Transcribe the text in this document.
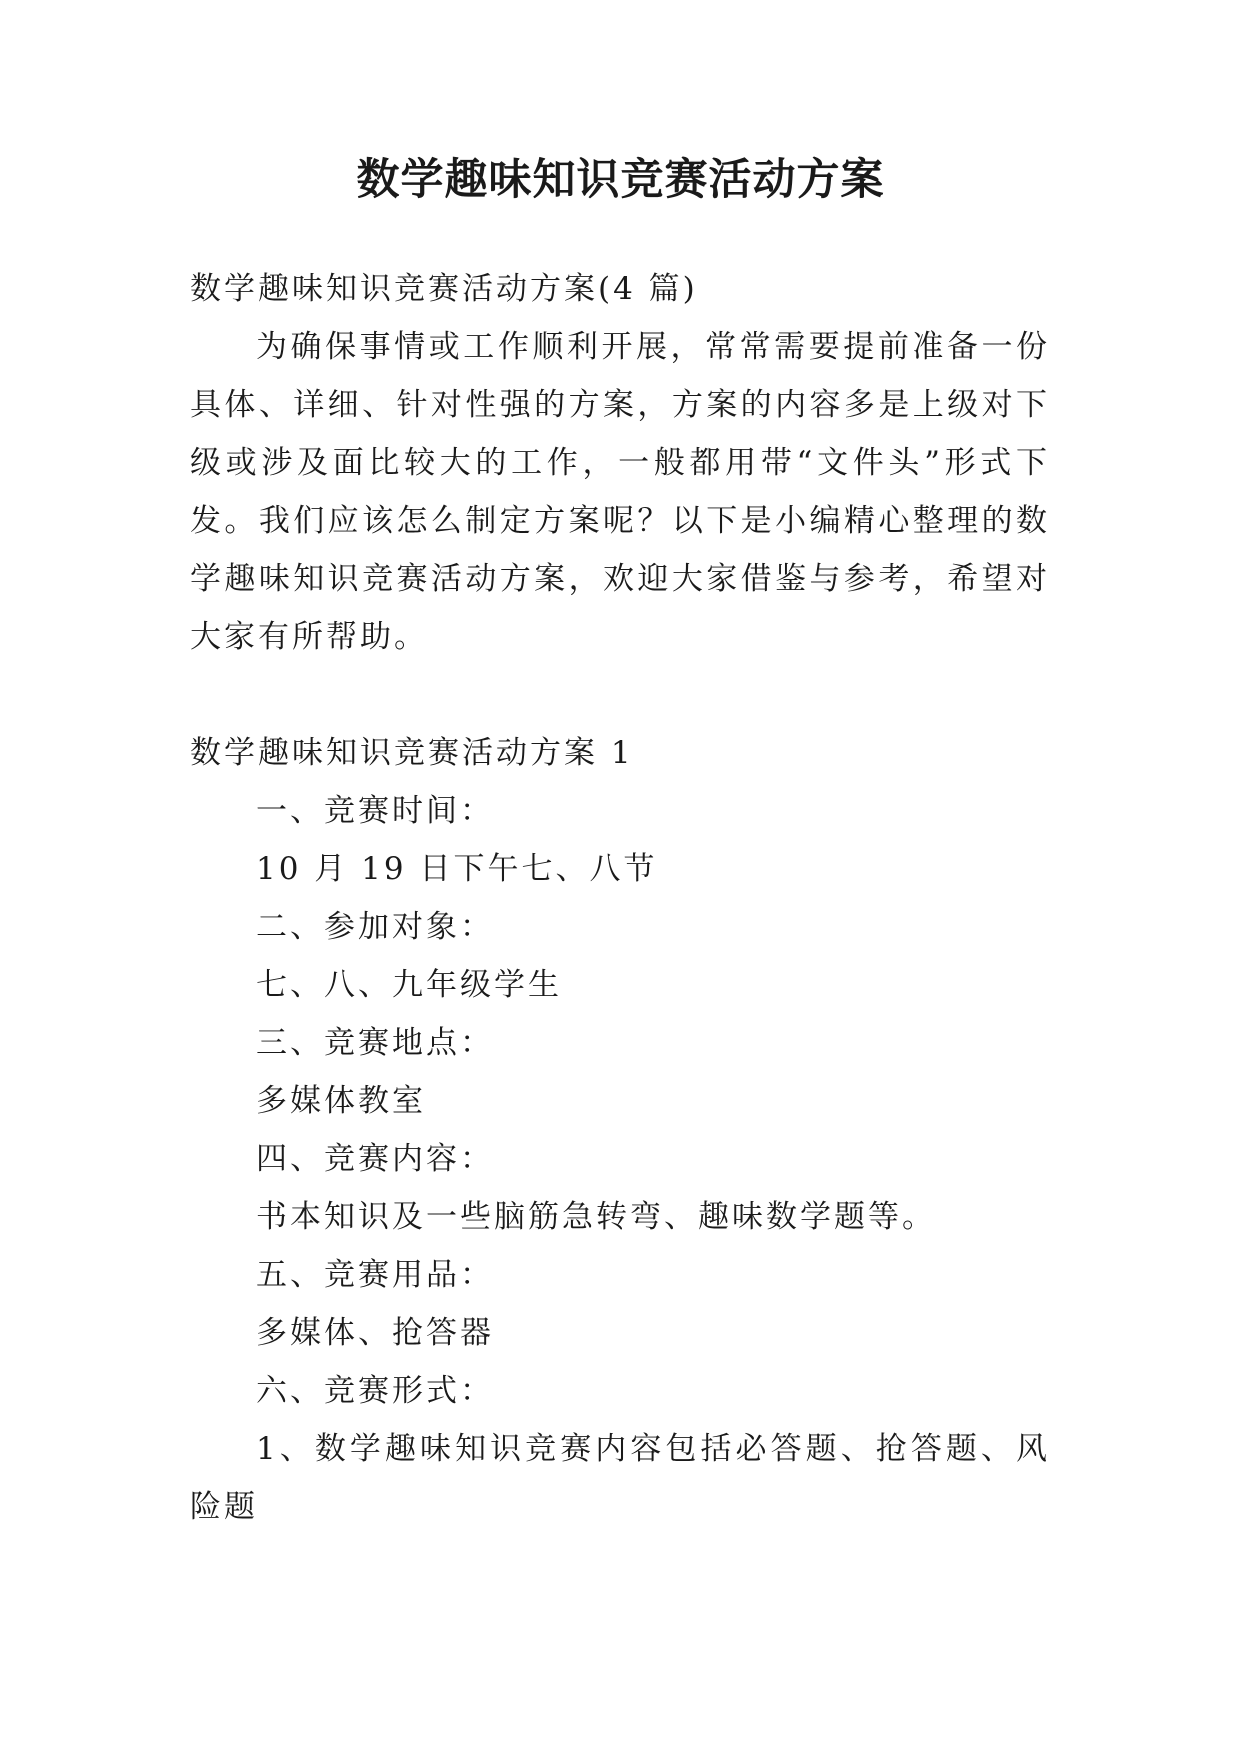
数学趣味知识竞赛活动方案

数学趣味知识竞赛活动方案(4 篇)

为确保事情或工作顺利开展，常常需要提前准备一份具体、详细、针对性强的方案，方案的内容多是上级对下级或涉及面比较大的工作，一般都用带“文件头”形式下发。我们应该怎么制定方案呢？以下是小编精心整理的数学趣味知识竞赛活动方案，欢迎大家借鉴与参考，希望对大家有所帮助。

数学趣味知识竞赛活动方案 1

一、竞赛时间：

10 月 19 日下午七、八节

二、参加对象：

七、八、九年级学生

三、竞赛地点：

多媒体教室

四、竞赛内容：

书本知识及一些脑筋急转弯、趣味数学题等。

五、竞赛用品：

多媒体、抢答器

六、竞赛形式：

1、数学趣味知识竞赛内容包括必答题、抢答题、风险题
